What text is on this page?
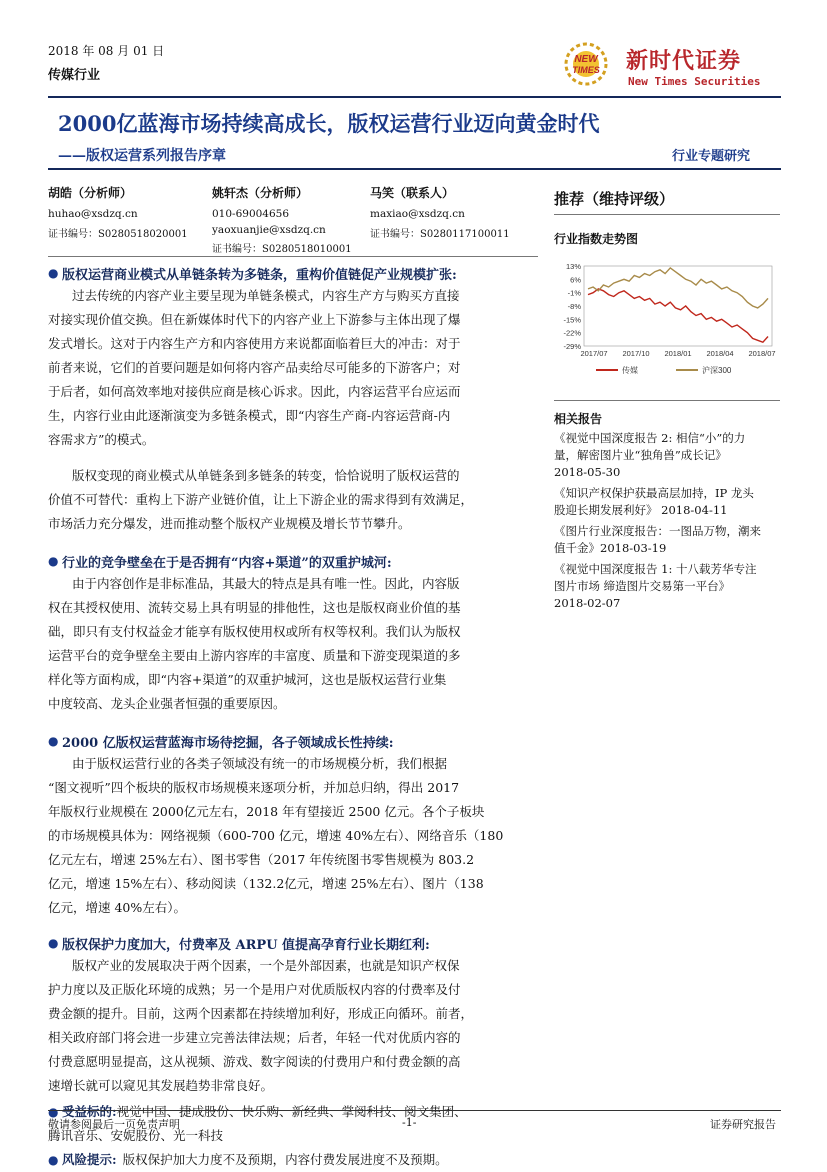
2018 年 08 月 01 日
传媒行业
NEW
TIMES 新时代证券
New Times Securities
2000亿蓝海市场持续高成长，版权运营行业迈向黄金时代
——版权运营系列报告序章	行业专题研究
胡皓（分析师）
huhao@xsdzq.cn
证书编号：S0280518020001
姚轩杰（分析师）
010-69004656
yaoxuanjie@xsdzq.cn
证书编号：S0280518010001
马笑（联系人）
maxiao@xsdzq.cn
证书编号：S0280117100011
推荐（维持评级）
行业指数走势图
13%
6%
-1%
-8%
-15%
-22%
-29%
2017/07 2017/10 2018/01 2018/04 2018/07
传媒	沪深300
相关报告
《视觉中国深度报告 2: 相信“小”的力
量，解密图片业“独角兽”成长记》
2018-05-30
《知识产权保护获最高层加持，IP 龙头
股迎长期发展利好》 2018-04-11
《图片行业深度报告：一图品万物，潮来
值千金》2018-03-19
《视觉中国深度报告 1: 十八载芳华专注
图片市场 缔造图片交易第一平台》
2018-02-07
● 版权运营商业模式从单链条转为多链条，重构价值链促产业规模扩张:
过去传统的内容产业主要呈现为单链条模式，内容生产方与购买方直接
对接实现价值交换。但在新媒体时代下的内容产业上下游参与主体出现了爆
发式增长。这对于内容生产方和内容使用方来说都面临着巨大的冲击：对于
前者来说，它们的首要问题是如何将内容产品卖给尽可能多的下游客户；对
于后者，如何高效率地对接供应商是核心诉求。因此，内容运营平台应运而
生，内容行业由此逐渐演变为多链条模式，即“内容生产商-内容运营商-内
容需求方”的模式。
版权变现的商业模式从单链条到多链条的转变，恰恰说明了版权运营的
价值不可替代：重构上下游产业链价值，让上下游企业的需求得到有效满足，
市场活力充分爆发，进而推动整个版权产业规模及增长节节攀升。
● 行业的竞争壁垒在于是否拥有“内容+渠道”的双重护城河:
由于内容创作是非标准品，其最大的特点是具有唯一性。因此，内容版
权在其授权使用、流转交易上具有明显的排他性，这也是版权商业价值的基
础，即只有支付权益金才能享有版权使用权或所有权等权利。我们认为版权
运营平台的竞争壁垒主要由上游内容库的丰富度、质量和下游变现渠道的多
样化等方面构成，即“内容+渠道”的双重护城河，这也是版权运营行业集
中度较高、龙头企业强者恒强的重要原因。
● 2000 亿版权运营蓝海市场待挖掘，各子领域成长性持续:
由于版权运营行业的各类子领域没有统一的市场规模分析，我们根据
“图文视听”四个板块的版权市场规模来逐项分析，并加总归纳，得出 2017
年版权行业规模在 2000亿元左右，2018 年有望接近 2500 亿元。各个子板块
的市场规模具体为：网络视频（600-700 亿元，增速 40%左右）、网络音乐（180
亿元左右，增速 25%左右）、图书零售（2017 年传统图书零售规模为 803.2
亿元，增速 15%左右）、移动阅读（132.2亿元，增速 25%左右）、图片（138
亿元，增速 40%左右）。
● 版权保护力度加大，付费率及 ARPU 值提高孕育行业长期红利:
版权产业的发展取决于两个因素，一个是外部因素，也就是知识产权保
护力度以及正版化环境的成熟；另一个是用户对优质版权内容的付费率及付
费金额的提升。目前，这两个因素都在持续增加利好，形成正向循环。前者，
相关政府部门将会进一步建立完善法律法规；后者，年轻一代对优质内容的
付费意愿明显提高，这从视频、游戏、数字阅读的付费用户和付费金额的高
速增长就可以窥见其发展趋势非常良好。
● 受益标的:视觉中国、捷成股份、快乐购、新经典、掌阅科技、阅文集团、
腾讯音乐、安妮股份、光一科技
● 风险提示: 版权保护加大力度不及预期，内容付费发展进度不及预期。
敬请参阅最后一页免责声明	-1-	证券研究报告
